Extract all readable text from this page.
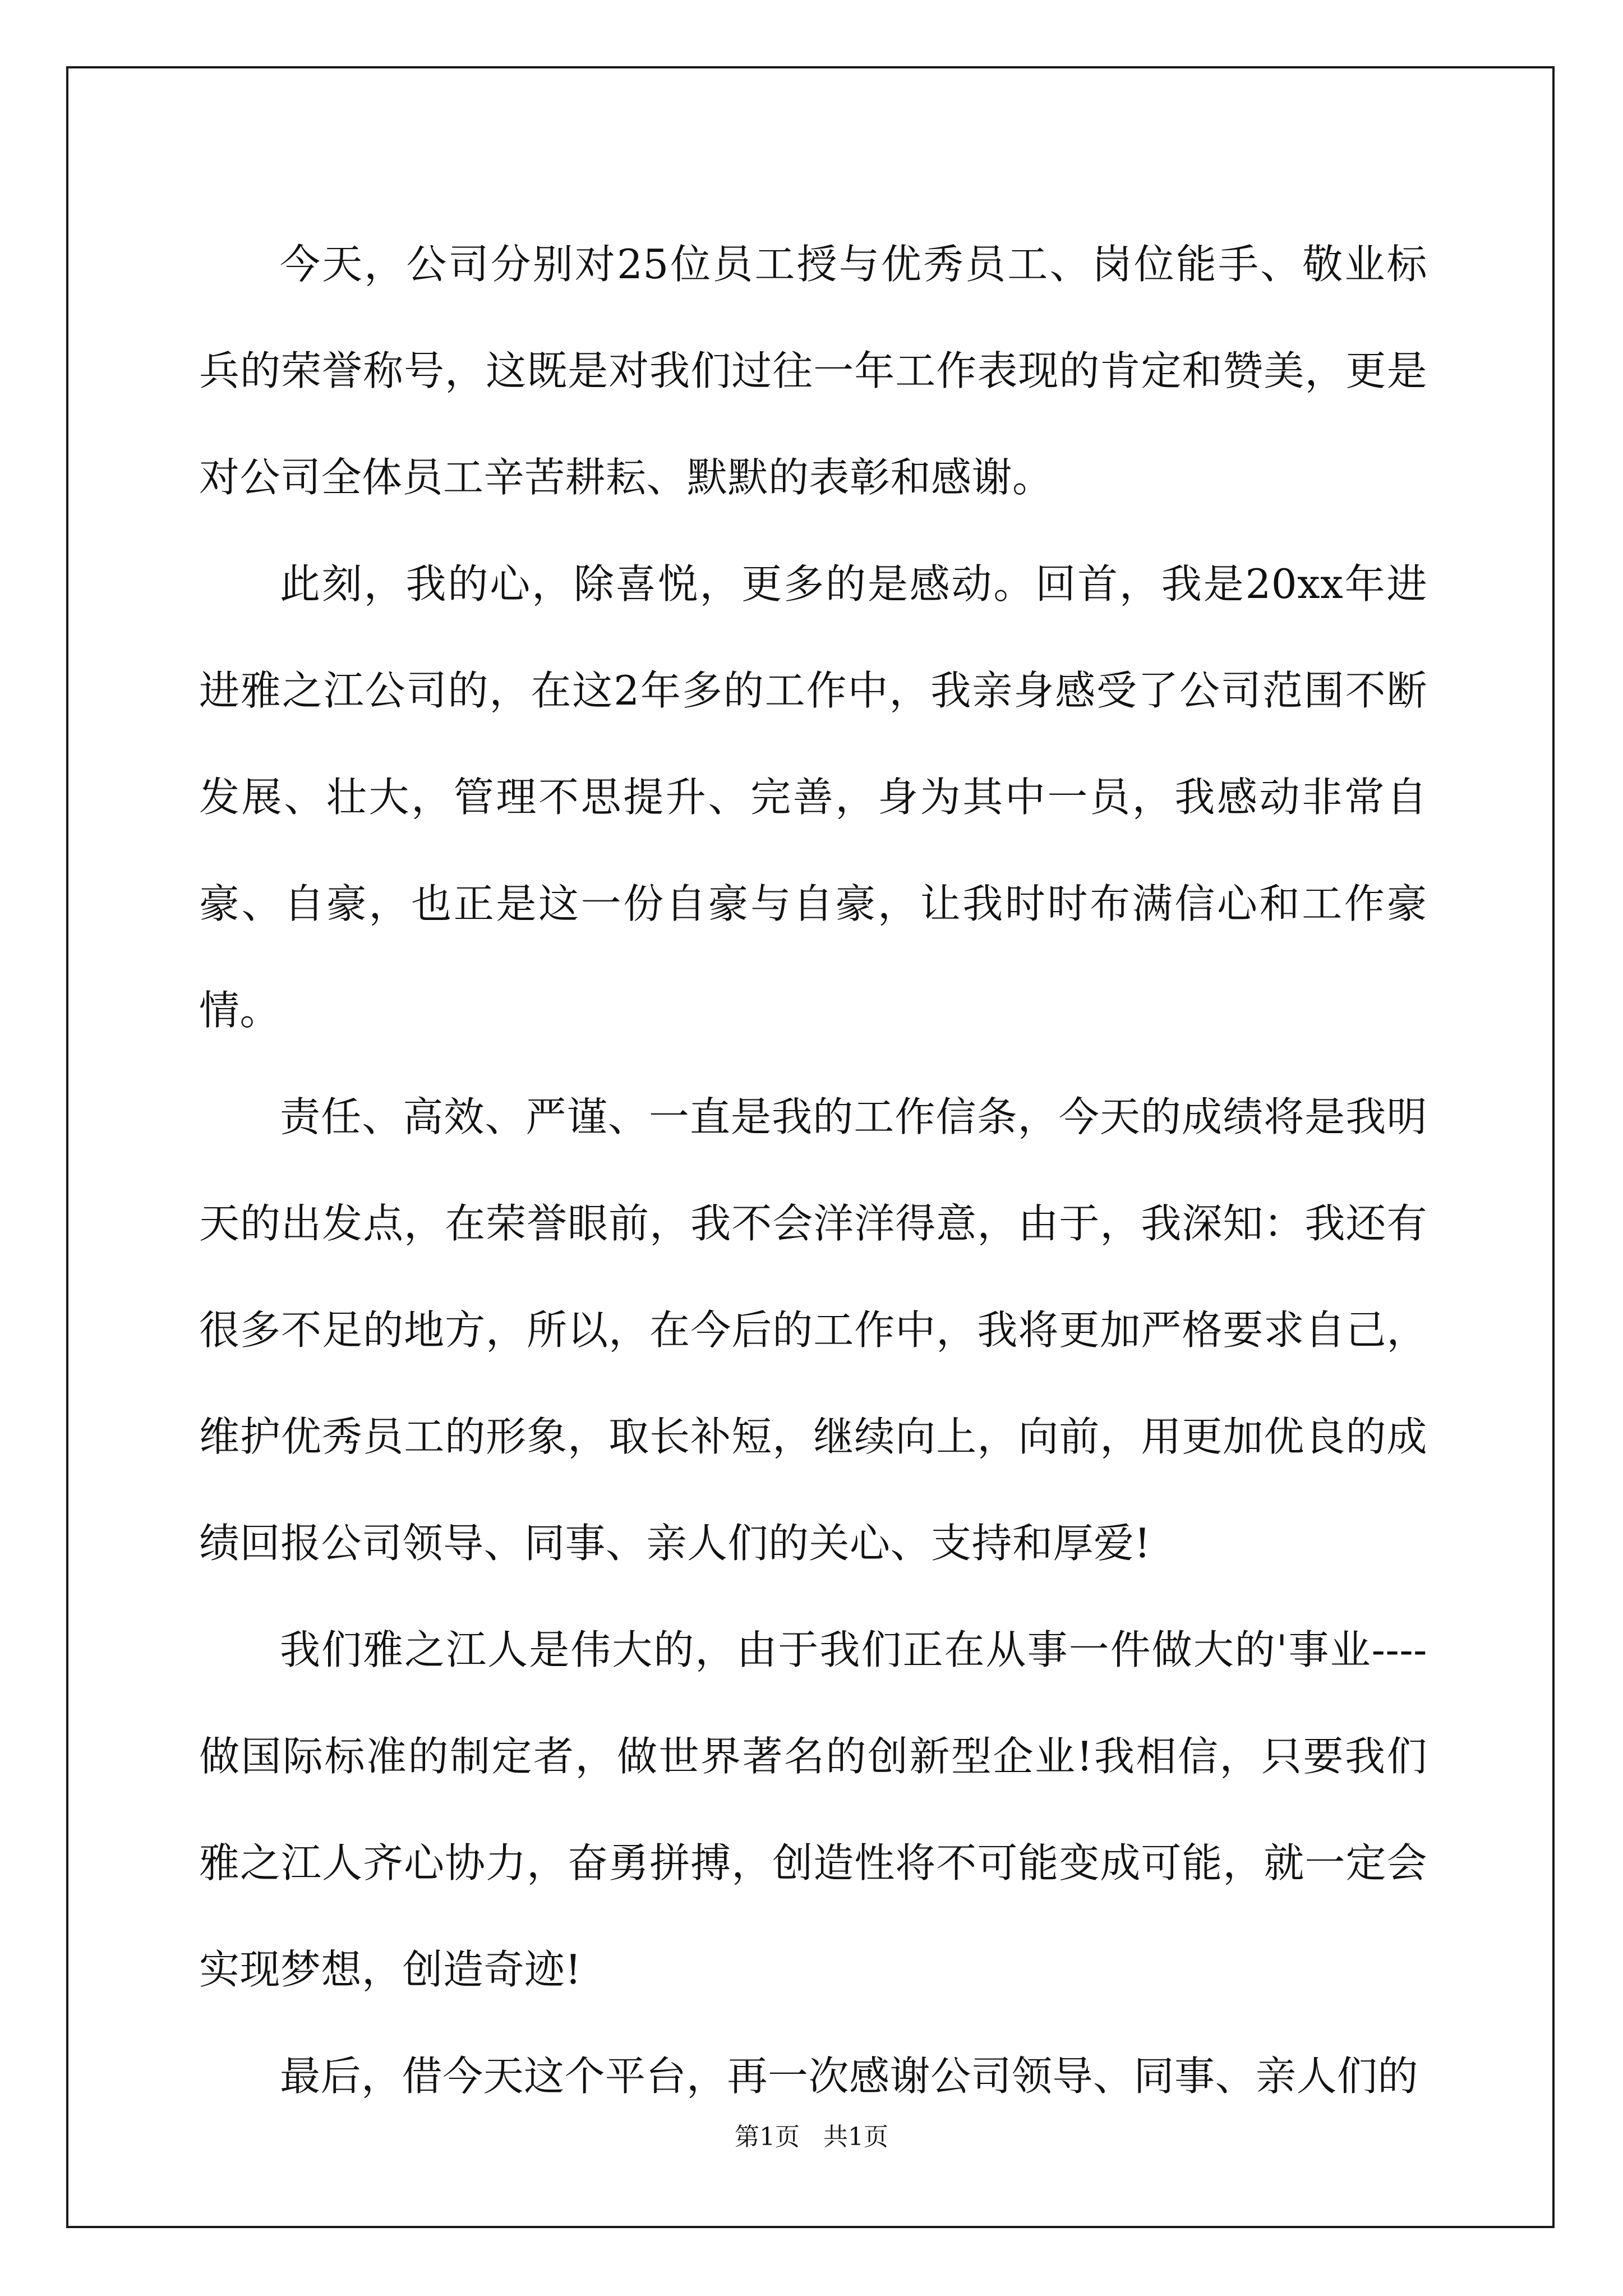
今天，公司分别对25位员工授与优秀员工、岗位能手、敬业标兵的荣誉称号，这既是对我们过往一年工作表现的肯定和赞美，更是对公司全体员工辛苦耕耘、默默的表彰和感谢。

此刻，我的心，除喜悦，更多的是感动。回首，我是20xx年进进雅之江公司的，在这2年多的工作中，我亲身感受了公司范围不断发展、壮大，管理不思提升、完善，身为其中一员，我感动非常自豪、自豪，也正是这一份自豪与自豪，让我时时布满信心和工作豪情。

责任、高效、严谨、一直是我的工作信条，今天的成绩将是我明天的出发点，在荣誉眼前，我不会洋洋得意，由于，我深知：我还有很多不足的地方，所以，在今后的工作中，我将更加严格要求自己，维护优秀员工的形象，取长补短，继续向上，向前，用更加优良的成绩回报公司领导、同事、亲人们的关心、支持和厚爱!

我们雅之江人是伟大的，由于我们正在从事一件做大的'事业----做国际标准的制定者，做世界著名的创新型企业!我相信，只要我们雅之江人齐心协力，奋勇拼搏，创造性将不可能变成可能，就一定会实现梦想，创造奇迹!

最后，借今天这个平台，再一次感谢公司领导、同事、亲人们的

第1页   共1页
